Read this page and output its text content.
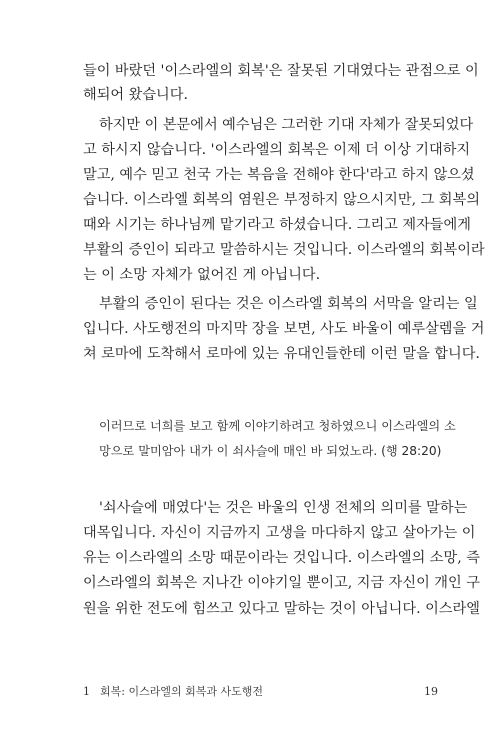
들이 바랐던 '이스라엘의 회복'은 잘못된 기대였다는 관점으로 이
해되어 왔습니다.
하지만 이 본문에서 예수님은 그러한 기대 자체가 잘못되었다
고 하시지 않습니다. '이스라엘의 회복은 이제 더 이상 기대하지
말고, 예수 믿고 천국 가는 복음을 전해야 한다'라고 하지 않으셨
습니다. 이스라엘 회복의 염원은 부정하지 않으시지만, 그 회복의
때와 시기는 하나님께 맡기라고 하셨습니다. 그리고 제자들에게
부활의 증인이 되라고 말씀하시는 것입니다. 이스라엘의 회복이라
는 이 소망 자체가 없어진 게 아닙니다.
부활의 증인이 된다는 것은 이스라엘 회복의 서막을 알리는 일
입니다. 사도행전의 마지막 장을 보면, 사도 바울이 예루살렘을 거
쳐 로마에 도착해서 로마에 있는 유대인들한테 이런 말을 합니다.
이러므로 너희를 보고 함께 이야기하려고 청하였으니 이스라엘의 소
망으로 말미암아 내가 이 쇠사슬에 매인 바 되었노라. (행 28:20)
'쇠사슬에 매였다'는 것은 바울의 인생 전체의 의미를 말하는
대목입니다. 자신이 지금까지 고생을 마다하지 않고 살아가는 이
유는 이스라엘의 소망 때문이라는 것입니다. 이스라엘의 소망, 즉
이스라엘의 회복은 지나간 이야기일 뿐이고, 지금 자신이 개인 구
원을 위한 전도에 힘쓰고 있다고 말하는 것이 아닙니다. 이스라엘
1 회복: 이스라엘의 회복과 사도행전	19
